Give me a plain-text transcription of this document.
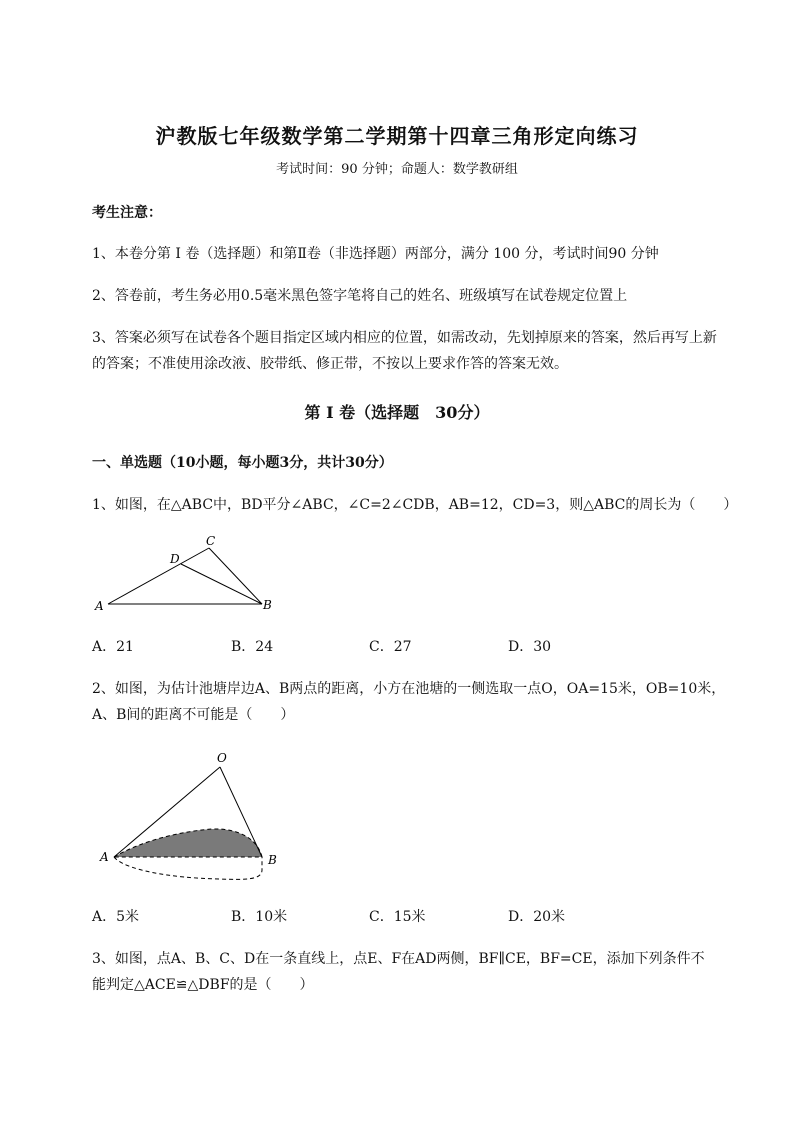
沪教版七年级数学第二学期第十四章三角形定向练习
考试时间：90 分钟；命题人：数学教研组
考生注意：
1、本卷分第 I 卷（选择题）和第Ⅱ卷（非选择题）两部分，满分 100 分，考试时间90 分钟
2、答卷前，考生务必用0.5毫米黑色签字笔将自己的姓名、班级填写在试卷规定位置上
3、答案必须写在试卷各个题目指定区域内相应的位置，如需改动，先划掉原来的答案，然后再写上新
的答案；不准使用涂改液、胶带纸、修正带，不按以上要求作答的答案无效。
第 I 卷（选择题　30分）
一、单选题（10小题，每小题3分，共计30分）
1、如图，在△ABC中，BD平分∠ABC，∠C=2∠CDB，AB=12，CD=3，则△ABC的周长为（　　）
A	B
C
D
A．21	B．24	C．27	D．30
2、如图，为估计池塘岸边A、B两点的距离，小方在池塘的一侧选取一点O，OA=15米，OB=10米，
A、B间的距离不可能是（　　）
O
A	B
A．5米	B．10米	C．15米	D．20米
3、如图，点A、B、C、D在一条直线上，点E、F在AD两侧，BF∥CE，BF=CE，添加下列条件不
能判定△ACE≌△DBF的是（　　）
